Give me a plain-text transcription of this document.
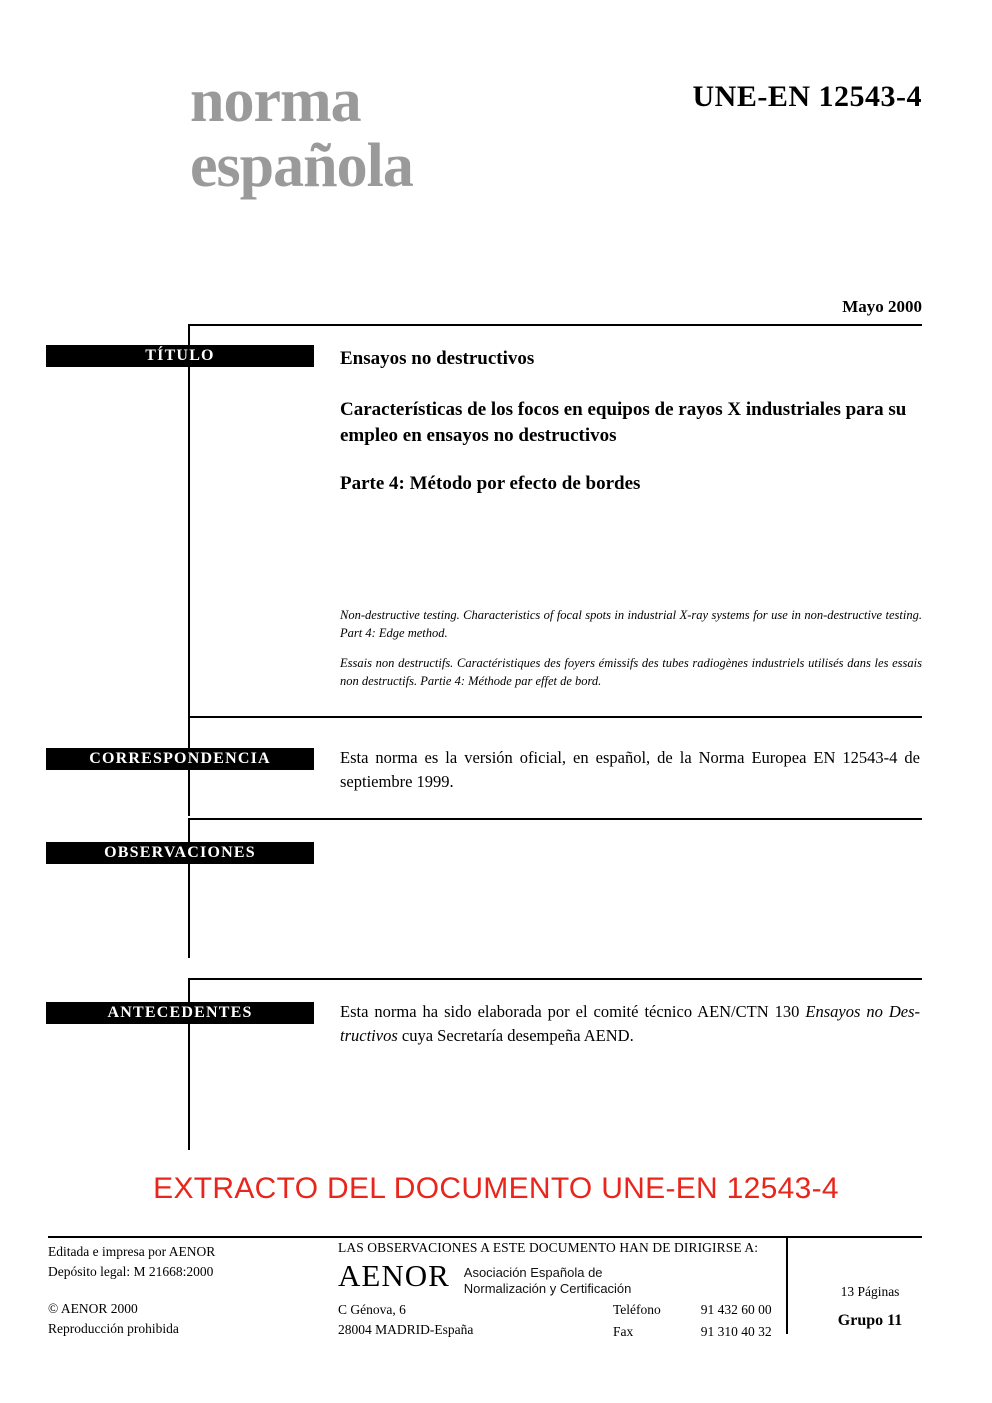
norma
española
UNE-EN 12543-4
Mayo 2000
TÍTULO	Ensayos no destructivos
Características de los focos en equipos de rayos X industriales para su empleo en ensayos no destructivos
Parte 4: Método por efecto de bordes
Non-destructive testing. Characteristics of focal spots in industrial X-ray systems for use in non-destructive testing. Part 4: Edge method.
Essais non destructifs. Caractéristiques des foyers émissifs des tubes radiogènes industriels utilisés dans les essais non destructifs. Partie 4: Méthode par effet de bord.
CORRESPONDENCIA	Esta norma es la versión oficial, en español, de la Norma Europea EN 12543-4 de septiembre 1999.
OBSERVACIONES
ANTECEDENTES	Esta norma ha sido elaborada por el comité técnico AEN/CTN 130 Ensayos no Des-tructivos cuya Secretaría desempeña AEND.
EXTRACTO DEL DOCUMENTO UNE-EN 12543-4
Editada e impresa por AENOR
Depósito legal: M 21668:2000
© AENOR 2000
Reproducción prohibida
LAS OBSERVACIONES A ESTE DOCUMENTO HAN DE DIRIGIRSE A:
AENOR Asociación Española de
Normalización y Certificación
C Génova, 6
28004 MADRID-España
Teléfono	91 432 60 00
Fax	91 310 40 32
13 Páginas
Grupo 11
